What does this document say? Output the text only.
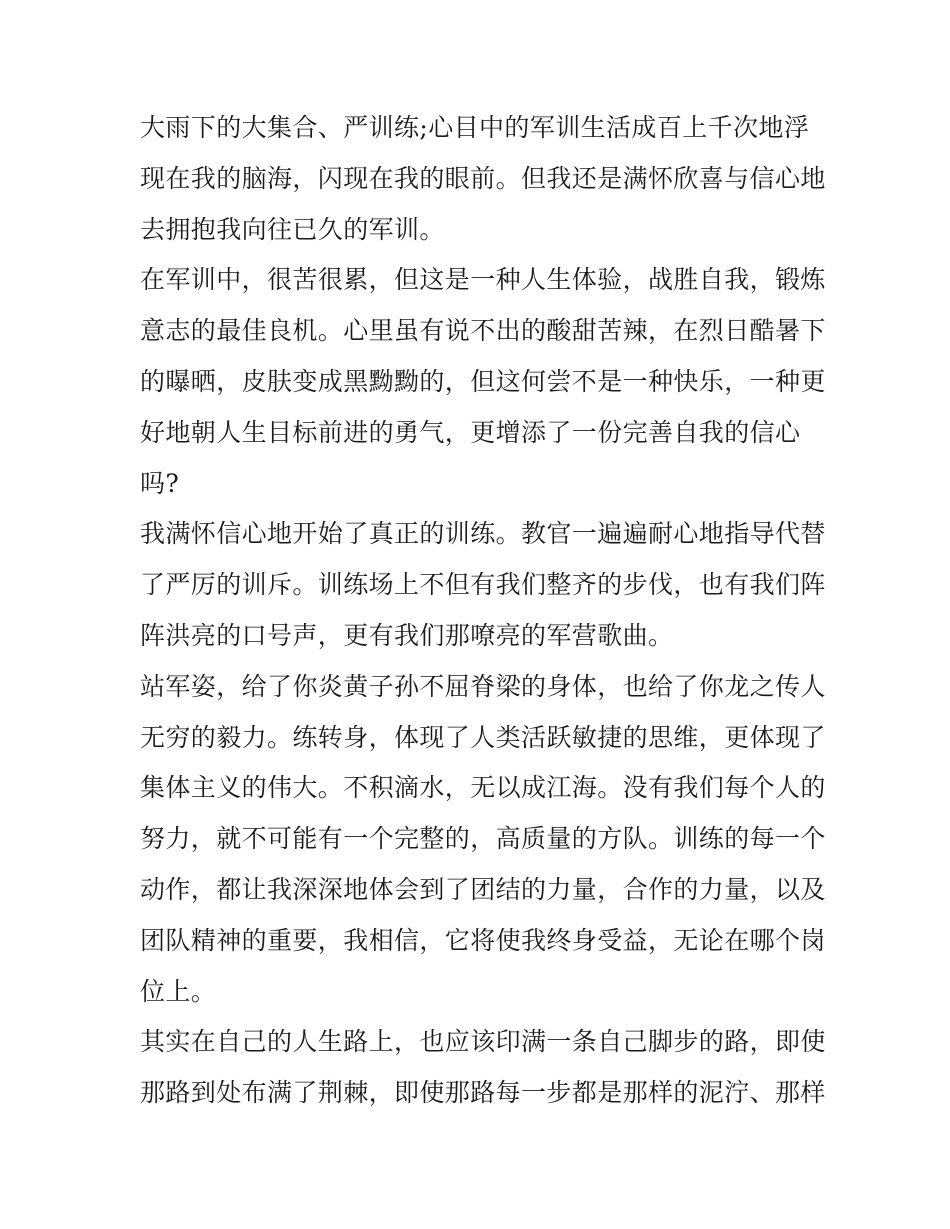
大雨下的大集合、严训练;心目中的军训生活成百上千次地浮
现在我的脑海，闪现在我的眼前。但我还是满怀欣喜与信心地
去拥抱我向往已久的军训。
在军训中，很苦很累，但这是一种人生体验，战胜自我，锻炼
意志的最佳良机。心里虽有说不出的酸甜苦辣，在烈日酷暑下
的曝晒，皮肤变成黑黝黝的，但这何尝不是一种快乐，一种更
好地朝人生目标前进的勇气，更增添了一份完善自我的信心
吗?
我满怀信心地开始了真正的训练。教官一遍遍耐心地指导代替
了严厉的训斥。训练场上不但有我们整齐的步伐，也有我们阵
阵洪亮的口号声，更有我们那嘹亮的军营歌曲。
站军姿，给了你炎黄子孙不屈脊梁的身体，也给了你龙之传人
无穷的毅力。练转身，体现了人类活跃敏捷的思维，更体现了
集体主义的伟大。不积滴水，无以成江海。没有我们每个人的
努力，就不可能有一个完整的，高质量的方队。训练的每一个
动作，都让我深深地体会到了团结的力量，合作的力量，以及
团队精神的重要，我相信，它将使我终身受益，无论在哪个岗
位上。
其实在自己的人生路上，也应该印满一条自己脚步的路，即使
那路到处布满了荆棘，即使那路每一步都是那样的泥泞、那样
